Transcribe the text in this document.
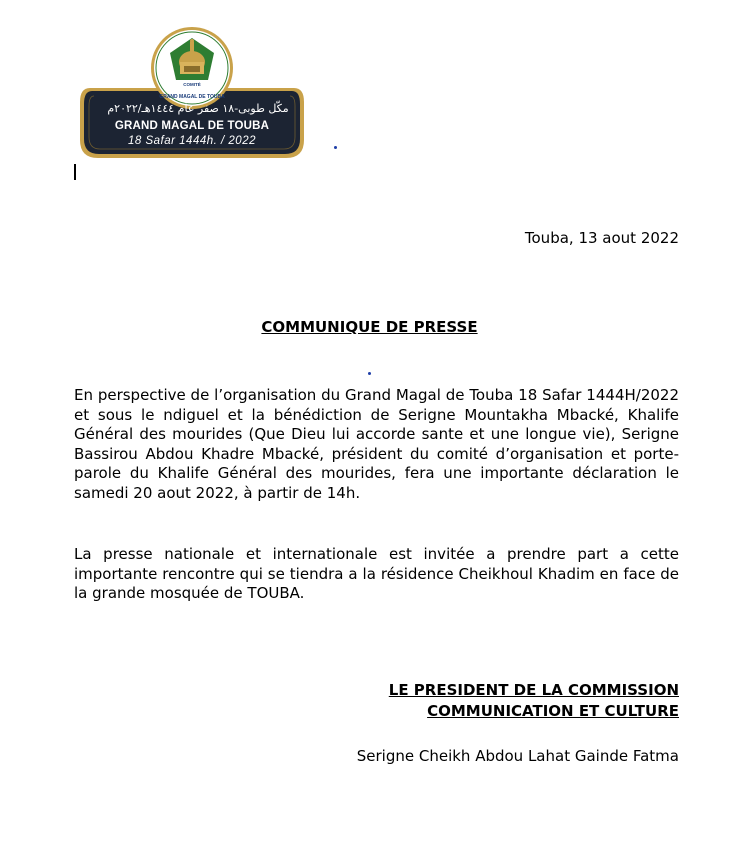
COMITÉ
GRAND MAGAL DE TOUBA
مكّل طوبى-١٨ صفر عام ١٤٤٤هـ/٢٠٢٢م
GRAND MAGAL DE TOUBA
18 Safar 1444h. / 2022
Touba, 13 aout 2022
COMMUNIQUE DE PRESSE

En perspective de l’organisation du Grand Magal de Touba 18 Safar 1444H/2022 et sous le ndiguel et la bénédiction de Serigne Mountakha Mbacké, Khalife Général des mourides (Que Dieu lui accorde sante et une longue vie), Serigne Bassirou Abdou Khadre Mbacké, président du comité d’organisation et porte-parole du Khalife Général des mourides, fera une importante déclaration le samedi 20 aout 2022, à partir de 14h.

La presse nationale et internationale est invitée a prendre part a cette importante rencontre qui se tiendra a la résidence Cheikhoul Khadim en face de la grande mosquée de TOUBA.

LE PRESIDENT DE LA COMMISSION
COMMUNICATION ET CULTURE
Serigne Cheikh Abdou Lahat Gainde Fatma
